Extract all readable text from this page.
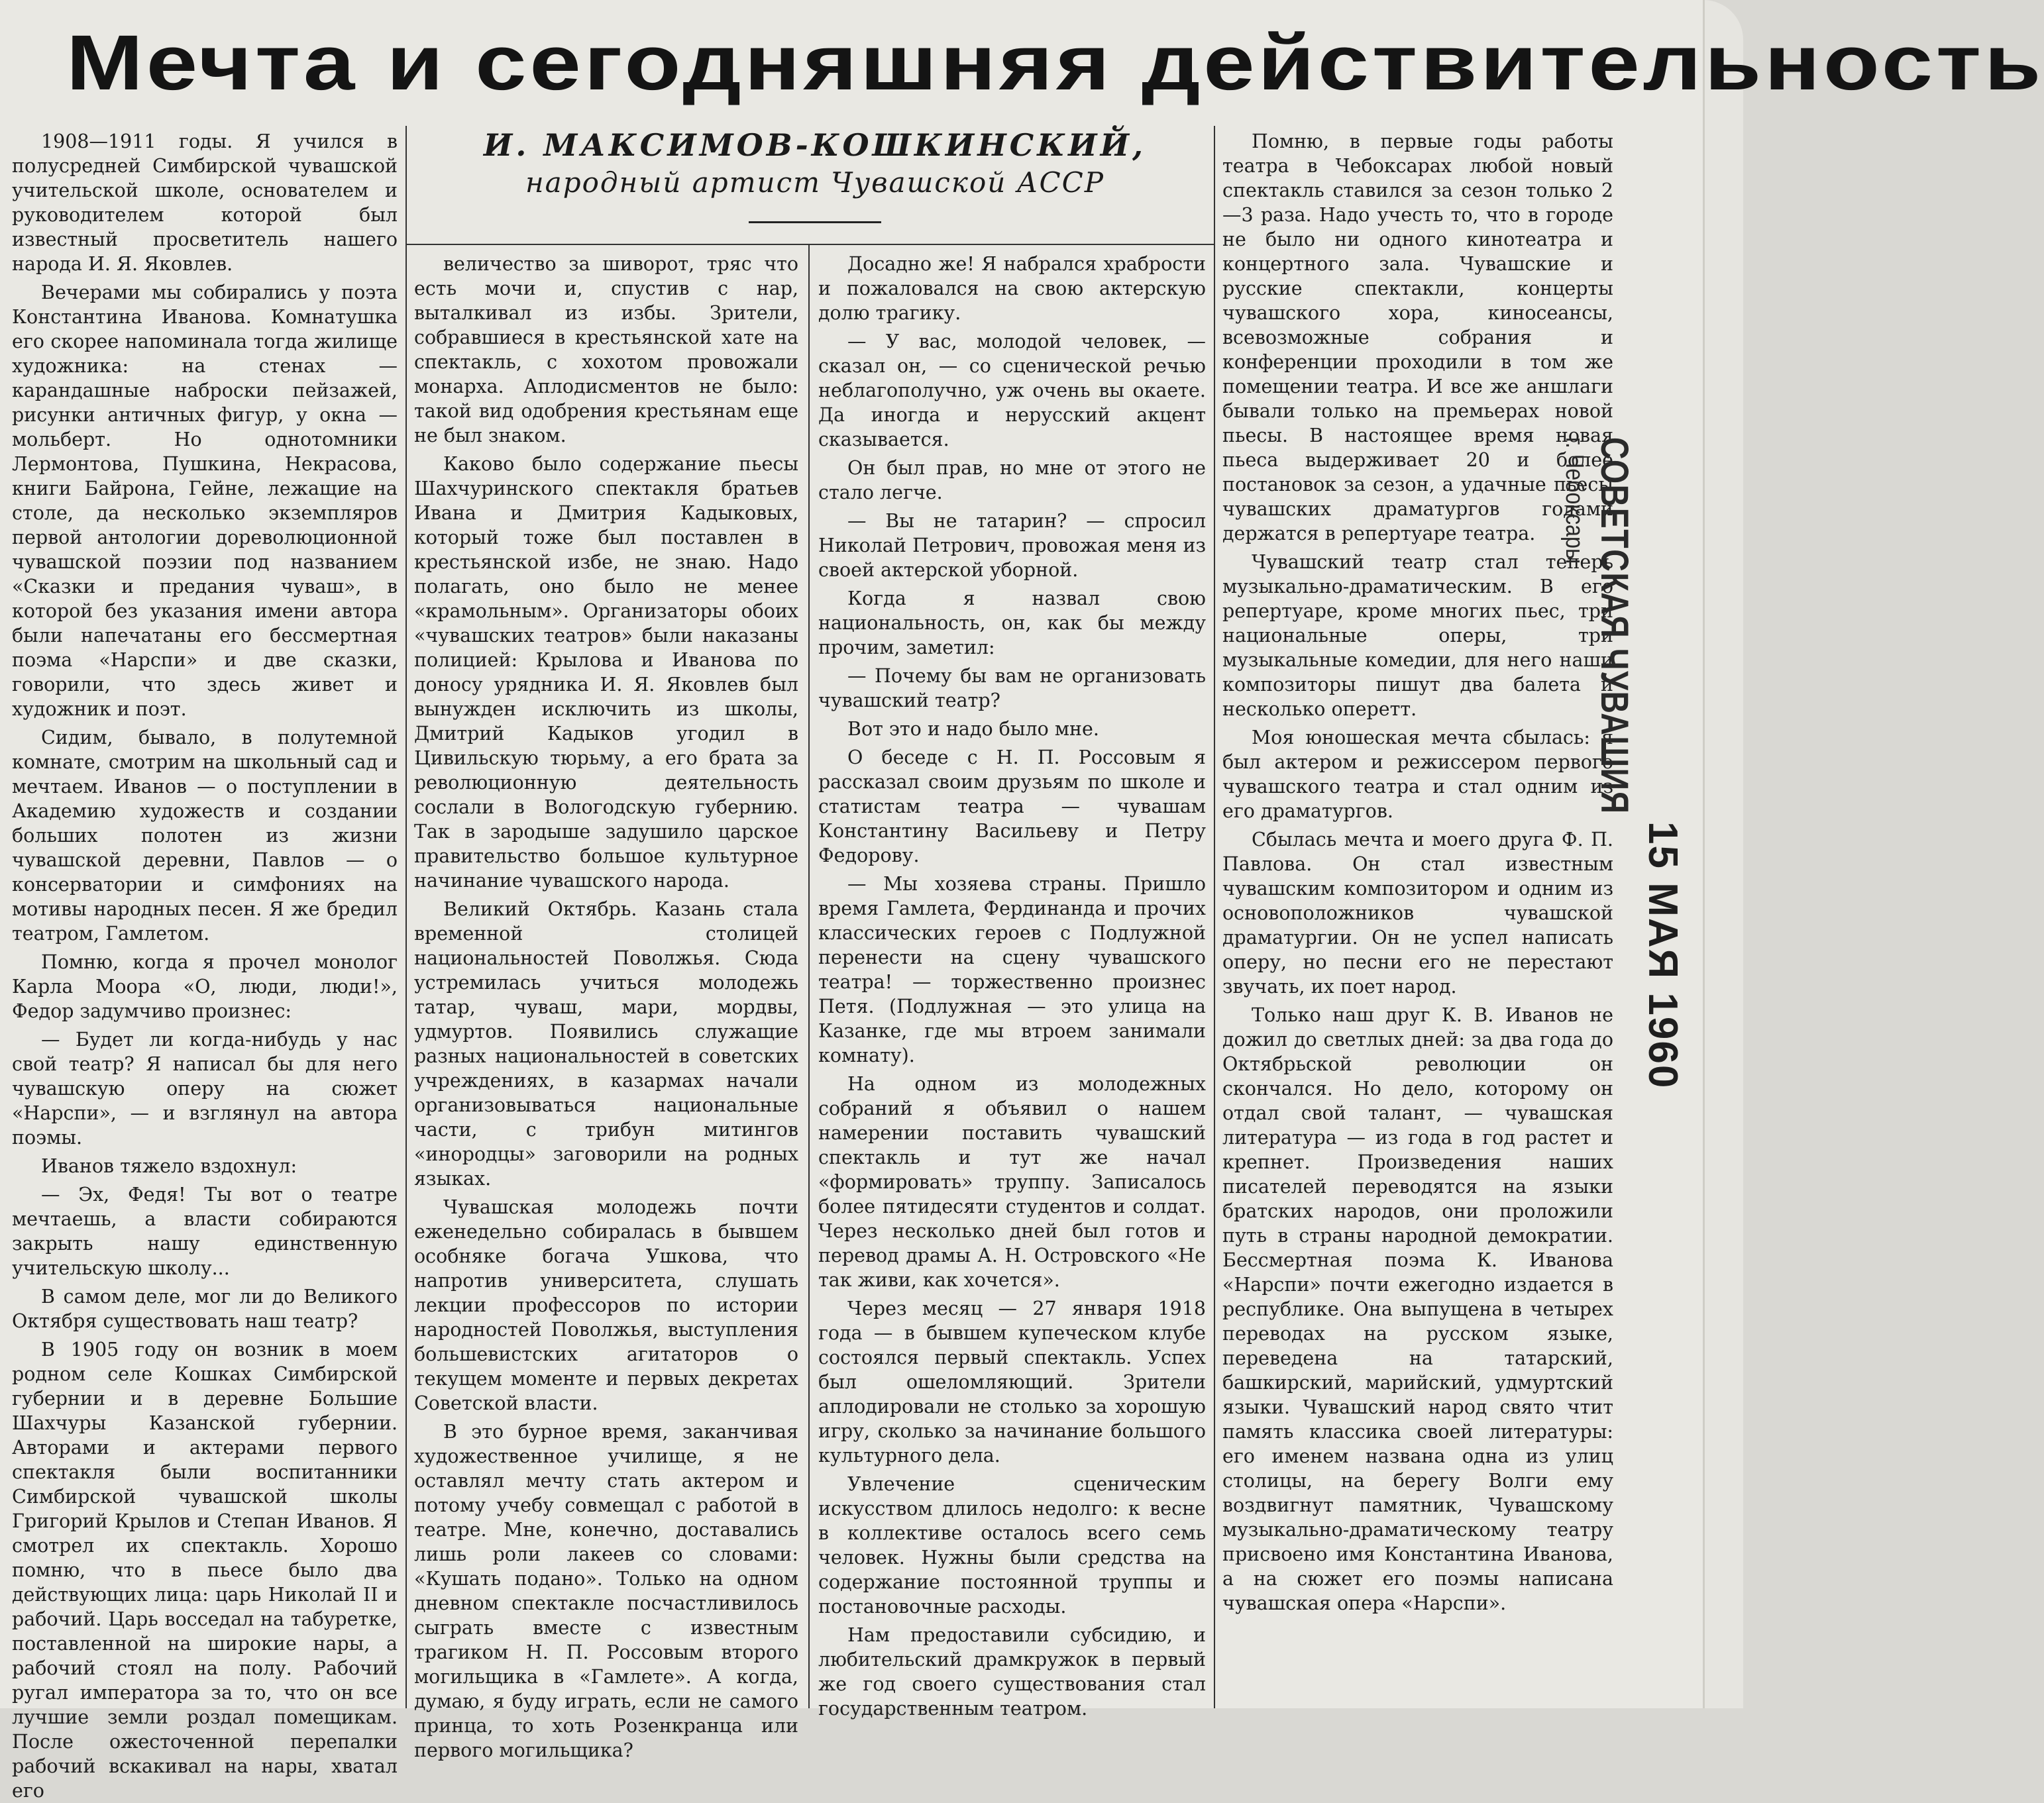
Мечта и сегодняшняя действительность
И. МАКСИМОВ-КОШКИНСКИЙ,
народный артист Чувашской АССР

1908—1911 годы. Я учился в полусредней Симбирской чувашской учительской школе, основателем и руководителем которой был известный просветитель нашего народа И. Я. Яковлев.

Вечерами мы собирались у поэта Константина Иванова. Комнатушка его скорее напоминала тогда жилище художника: на стенах — карандашные наброски пейзажей, рисунки античных фигур, у окна — мольберт. Но однотомники Лермонтова, Пушкина, Некрасова, книги Байрона, Гейне, лежащие на столе, да несколько экземпляров первой антологии дореволюционной чувашской поэзии под названием «Сказки и предания чуваш», в которой без указания имени автора были напечатаны его бессмертная поэма «Нарспи» и две сказки, говорили, что здесь живет и художник и поэт.

Сидим, бывало, в полутемной комнате, смотрим на школьный сад и мечтаем. Иванов — о поступлении в Академию художеств и создании больших полотен из жизни чувашской деревни, Павлов — о консерватории и симфониях на мотивы народных песен. Я же бредил театром, Гамлетом.

Помню, когда я прочел монолог Карла Моора «О, люди, люди!», Федор задумчиво произнес:

— Будет ли когда-нибудь у нас свой театр? Я написал бы для него чувашскую оперу на сюжет «Нарспи», — и взглянул на автора поэмы.

Иванов тяжело вздохнул:

— Эх, Федя! Ты вот о театре мечтаешь, а власти собираются закрыть нашу единственную учительскую школу...

В самом деле, мог ли до Великого Октября существовать наш театр?

В 1905 году он возник в моем родном селе Кошках Симбирской губернии и в деревне Большие Шахчуры Казанской губернии. Авторами и актерами первого спектакля были воспитанники Симбирской чувашской школы Григорий Крылов и Степан Иванов. Я смотрел их спектакль. Хорошо помню, что в пьесе было два действующих лица: царь Николай II и рабочий. Царь восседал на табуретке, поставленной на широкие нары, а рабочий стоял на полу. Рабочий ругал императора за то, что он все лучшие земли роздал помещикам. После ожесточенной перепалки рабочий вскакивал на нары, хватал его

величество за шиворот, тряс что есть мочи и, спустив с нар, выталкивал из избы. Зрители, собравшиеся в крестьянской хате на спектакль, с хохотом провожали монарха. Аплодисментов не было: такой вид одобрения крестьянам еще не был знаком.

Каково было содержание пьесы Шахчуринского спектакля братьев Ивана и Дмитрия Кадыковых, который тоже был поставлен в крестьянской избе, не знаю. Надо полагать, оно было не менее «крамольным». Организаторы обоих «чувашских театров» были наказаны полицией: Крылова и Иванова по доносу урядника И. Я. Яковлев был вынужден исключить из школы, Дмитрий Кадыков угодил в Цивильскую тюрьму, а его брата за революционную деятельность сослали в Вологодскую губернию. Так в зародыше задушило царское правительство большое культурное начинание чувашского народа.

Великий Октябрь. Казань стала временной столицей национальностей Поволжья. Сюда устремилась учиться молодежь татар, чуваш, мари, мордвы, удмуртов. Появились служащие разных национальностей в советских учреждениях, в казармах начали организовываться национальные части, с трибун митингов «инородцы» заговорили на родных языках.

Чувашская молодежь почти еженедельно собиралась в бывшем особняке богача Ушкова, что напротив университета, слушать лекции профессоров по истории народностей Поволжья, выступления большевистских агитаторов о текущем моменте и первых декретах Советской власти.

В это бурное время, заканчивая художественное училище, я не оставлял мечту стать актером и потому учебу совмещал с работой в театре. Мне, конечно, доставались лишь роли лакеев со словами: «Кушать подано». Только на одном дневном спектакле посчастливилось сыграть вместе с известным трагиком Н. П. Россовым второго могильщика в «Гамлете». А когда, думаю, я буду играть, если не самого принца, то хоть Розенкранца или первого могильщика?

Досадно же! Я набрался храбрости и пожаловался на свою актерскую долю трагику.

— У вас, молодой человек, — сказал он, — со сценической речью неблагополучно, уж очень вы окаете. Да иногда и нерусский акцент сказывается.

Он был прав, но мне от этого не стало легче.

— Вы не татарин? — спросил Николай Петрович, провожая меня из своей актерской уборной.

Когда я назвал свою национальность, он, как бы между прочим, заметил:

— Почему бы вам не организовать чувашский театр?

Вот это и надо было мне.

О беседе с Н. П. Россовым я рассказал своим друзьям по школе и статистам театра — чувашам Константину Васильеву и Петру Федорову.

— Мы хозяева страны. Пришло время Гамлета, Фердинанда и прочих классических героев с Подлужной перенести на сцену чувашского театра! — торжественно произнес Петя. (Подлужная — это улица на Казанке, где мы втроем занимали комнату).

На одном из молодежных собраний я объявил о нашем намерении поставить чувашский спектакль и тут же начал «формировать» труппу. Записалось более пятидесяти студентов и солдат. Через несколько дней был готов и перевод драмы А. Н. Островского «Не так живи, как хочется».

Через месяц — 27 января 1918 года — в бывшем купеческом клубе состоялся первый спектакль. Успех был ошеломляющий. Зрители аплодировали не столько за хорошую игру, сколько за начинание большого культурного дела.

Увлечение сценическим искусством длилось недолго: к весне в коллективе осталось всего семь человек. Нужны были средства на содержание постоянной труппы и постановочные расходы.

Нам предоставили субсидию, и любительский драмкружок в первый же год своего существования стал государственным театром.

Помню, в первые годы работы театра в Чебоксарах любой новый спектакль ставился за сезон только 2—3 раза. Надо учесть то, что в городе не было ни одного кинотеатра и концертного зала. Чувашские и русские спектакли, концерты чувашского хора, киносеансы, всевозможные собрания и конференции проходили в том же помещении театра. И все же аншлаги бывали только на премьерах новой пьесы. В настоящее время новая пьеса выдерживает 20 и более постановок за сезон, а удачные пьесы чувашских драматургов годами держатся в репертуаре театра.

Чувашский театр стал теперь музыкально-драматическим. В его репертуаре, кроме многих пьес, три национальные оперы, три музыкальные комедии, для него наши композиторы пишут два балета и несколько оперетт.

Моя юношеская мечта сбылась: я был актером и режиссером первого чувашского театра и стал одним из его драматургов.

Сбылась мечта и моего друга Ф. П. Павлова. Он стал известным чувашским композитором и одним из основоположников чувашской драматургии. Он не успел написать оперу, но песни его не перестают звучать, их поет народ.

Только наш друг К. В. Иванов не дожил до светлых дней: за два года до Октябрьской революции он скончался. Но дело, которому он отдал свой талант, — чувашская литература — из года в год растет и крепнет. Произведения наших писателей переводятся на языки братских народов, они проложили путь в страны народной демократии. Бессмертная поэма К. Иванова «Нарспи» почти ежегодно издается в республике. Она выпущена в четырех переводах на русском языке, переведена на татарский, башкирский, марийский, удмуртский языки. Чувашский народ свято чтит память классика своей литературы: его именем названа одна из улиц столицы, на берегу Волги ему воздвигнут памятник, Чувашскому музыкально-драматическому театру присвоено имя Константина Иванова, а на сюжет его поэмы написана чувашская опера «Нарспи».

СОВЕТСКАЯ ЧУВАШИЯ
г. Чебоксары
15 МАЯ 1960
